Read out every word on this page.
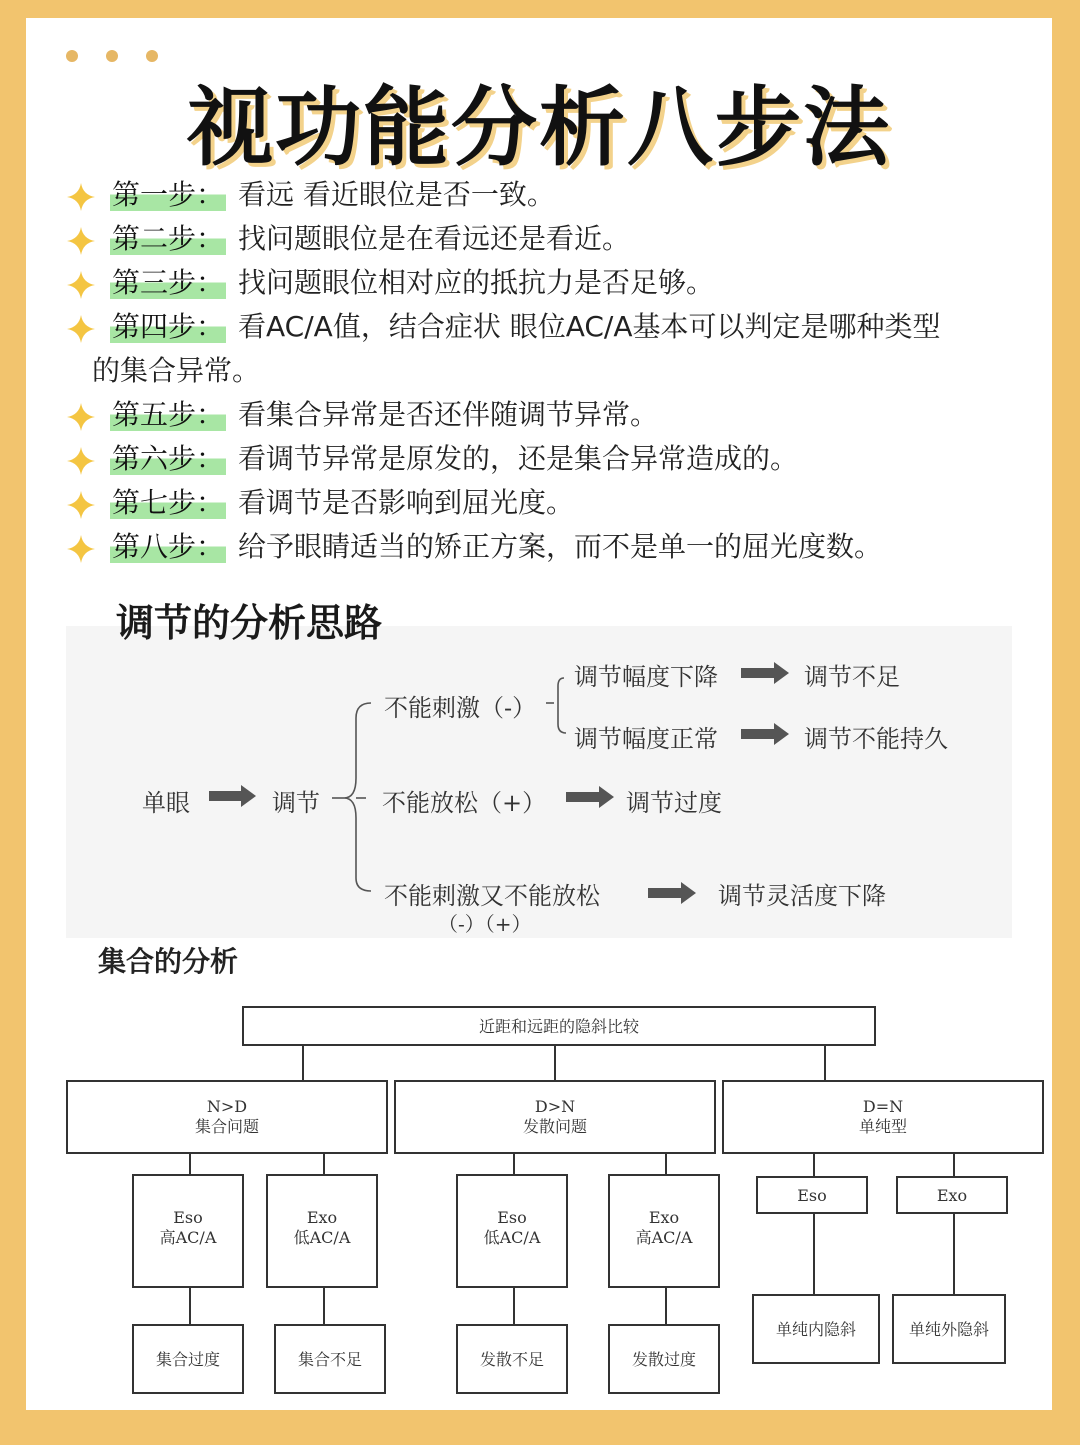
视功能分析八步法
第一步： 看远 看近眼位是否一致。
第二步： 找问题眼位是在看远还是看近。
第三步： 找问题眼位相对应的抵抗力是否足够。
第四步： 看AC/A值，结合症状 眼位AC/A基本可以判定是哪种类型
的集合异常。
第五步： 看集合异常是否还伴随调节异常。
第六步： 看调节异常是原发的，还是集合异常造成的。
第七步： 看调节是否影响到屈光度。
第八步： 给予眼睛适当的矫正方案，而不是单一的屈光度数。
调节的分析思路
单眼	调节
不能刺激（-）
调节幅度下降	调节不足
调节幅度正常	调节不能持久
不能放松（+）	调节过度
不能刺激又不能放松
（-）（+）
调节灵活度下降
集合的分析
近距和远距的隐斜比较
N>D
集合问题
Eso
高AC/A
集合过度
Exo
低AC/A
集合不足
D>N
发散问题
Eso
低AC/A
发散不足
Exo
高AC/A
发散过度
D=N
单纯型
Eso
单纯内隐斜
Exo
单纯外隐斜
